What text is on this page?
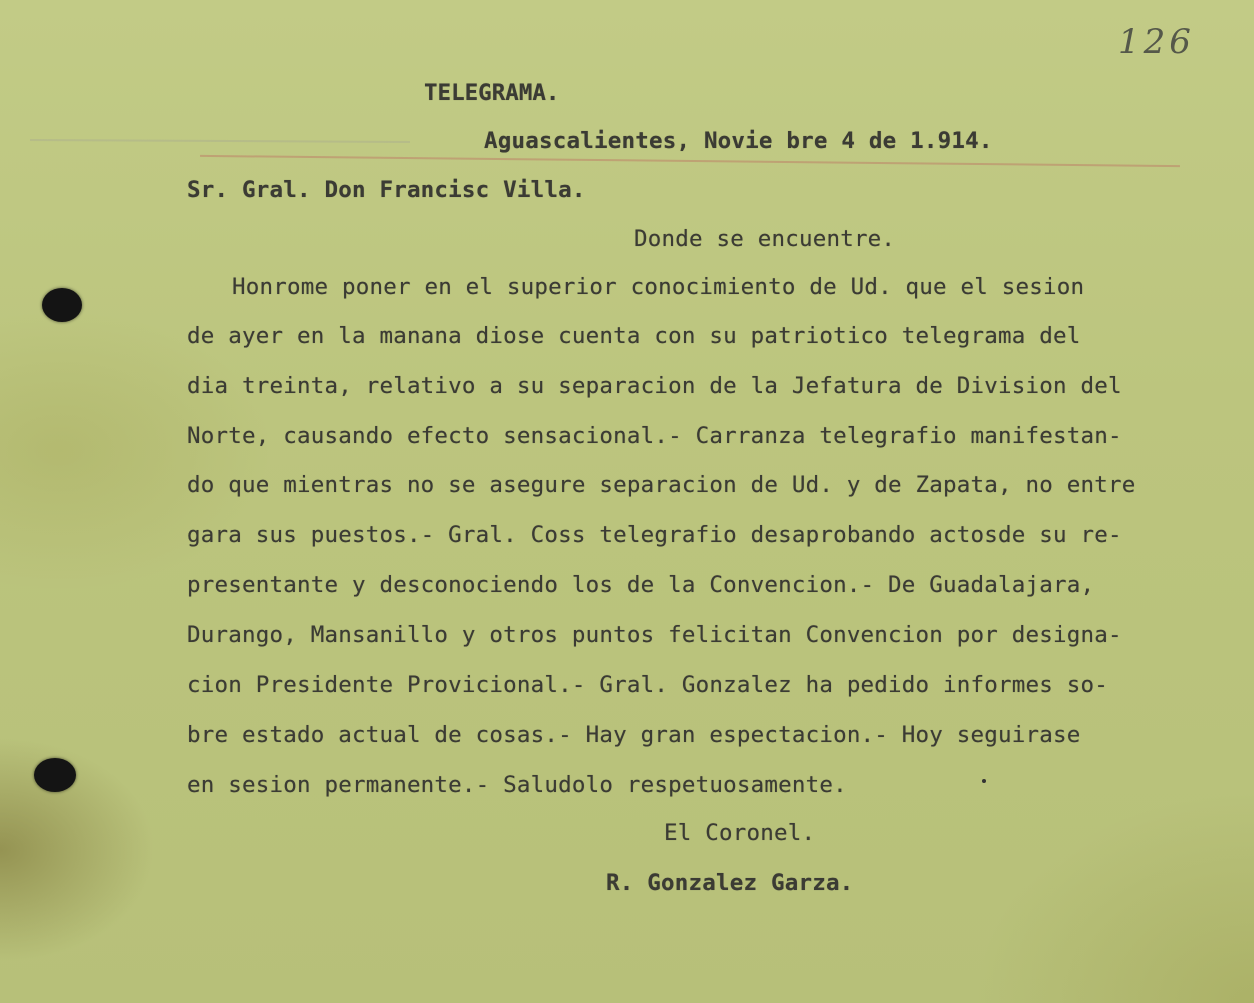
126
TELEGRAMA.
Aguascalientes, Novie bre 4 de 1.914.
Sr. Gral. Don Francisc Villa.
Donde se encuentre.
Honrome poner en el superior conocimiento de Ud. que el sesion
de ayer en la manana diose cuenta con su patriotico telegrama del
dia treinta, relativo a su separacion de la Jefatura de Division del
Norte, causando efecto sensacional.- Carranza telegrafio manifestan-
do que mientras no se asegure separacion de Ud. y de Zapata, no entre
gara sus puestos.- Gral. Coss telegrafio desaprobando actosde su re-
presentante y desconociendo los de la Convencion.- De Guadalajara,
Durango, Mansanillo y otros puntos felicitan Convencion por designa-
cion Presidente Provicional.- Gral. Gonzalez ha pedido informes so-
bre estado actual de cosas.- Hay gran espectacion.- Hoy seguirase
en sesion permanente.- Saludolo respetuosamente.
El Coronel.
R. Gonzalez Garza.
